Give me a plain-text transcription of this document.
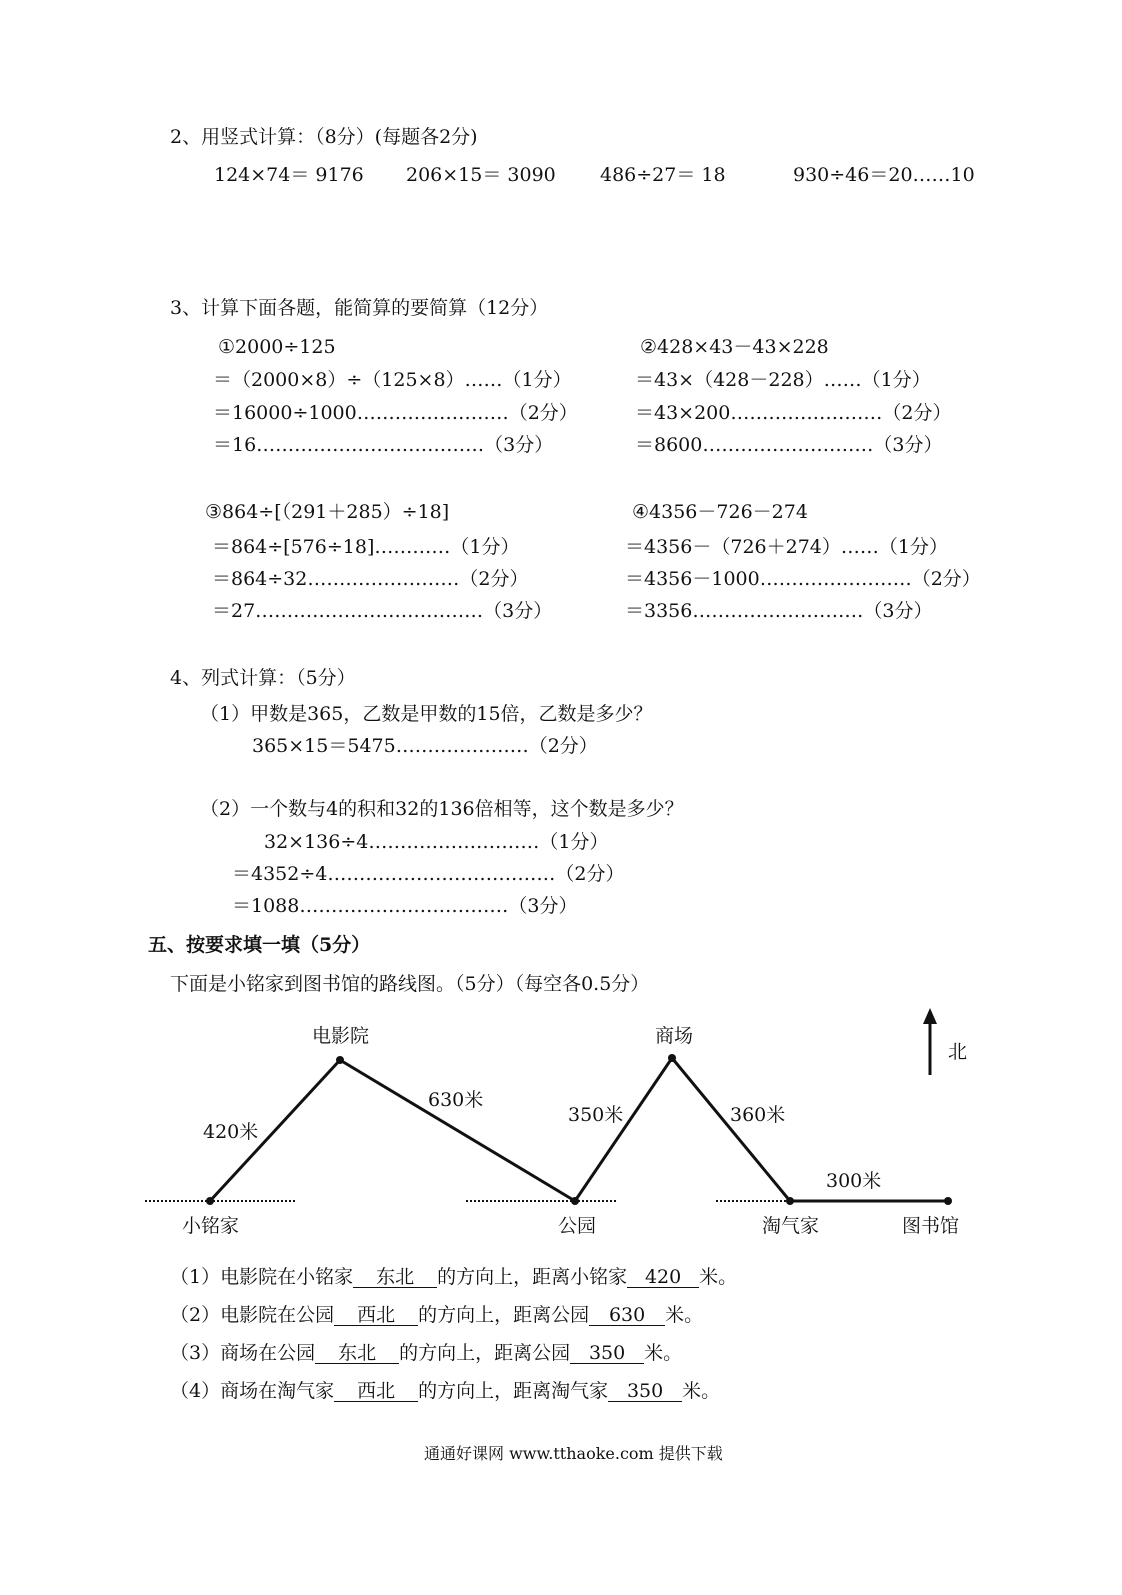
2、用竖式计算：（8分）(每题各2分)
124×74＝ 9176 206×15＝ 3090 486÷27＝ 18	930÷46＝20……10
3、计算下面各题，能简算的要简算（12分）
①2000÷125
＝（2000×8）÷（125×8）……（1分）
＝16000÷1000……………………（2分）
＝16………………………………（3分）
②428×43－43×228
＝43×（428－228）……（1分）
＝43×200……………………（2分）
＝8600………………………（3分）
③864÷[（291＋285）÷18]
＝864÷[576÷18]…………（1分）
＝864÷32……………………（2分）
＝27………………………………（3分）
④4356－726－274
＝4356－（726＋274）……（1分）
＝4356－1000……………………（2分）
＝3356………………………（3分）
4、列式计算：（5分）
（1）甲数是365，乙数是甲数的15倍，乙数是多少？
365×15＝5475…………………（2分）
（2）一个数与4的积和32的136倍相等，这个数是多少？
32×136÷4………………………（1分）
＝4352÷4………………………………（2分）
＝1088……………………………（3分）
五、按要求填一填（5分）
下面是小铭家到图书馆的路线图。（5分）（每空各0.5分）
电影院	商场
小铭家	公园	淘气家	图书馆
420米
630米
350米	360米
300米
北
（1）电影院在小铭家 东北 的方向上，距离小铭家 420 米。
（2）电影院在公园 西北 的方向上，距离公园 630 米。
（3）商场在公园 东北 的方向上，距离公园 350 米。
（4）商场在淘气家 西北 的方向上，距离淘气家 350 米。
通通好课网 www.tthaoke.com 提供下载
